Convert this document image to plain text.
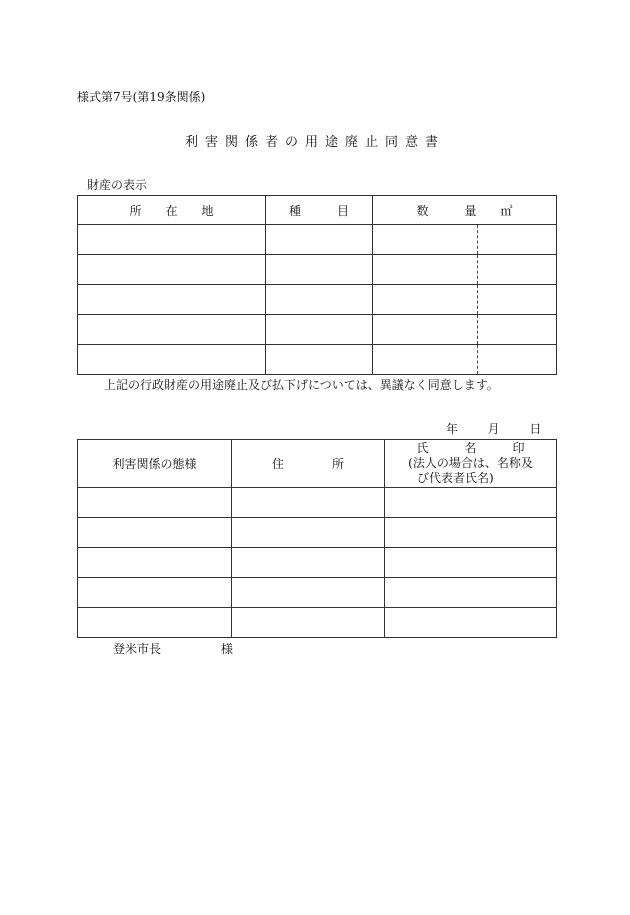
様式第7号(第19条関係)
利害関係者の用途廃止同意書
財産の表示
所　　在　　地	種　　　目	数　　　量　　㎡

上記の行政財産の用途廃止及び払下げについては、異議なく同意します。
年 月 日
利害関係の態様	住　　　　所	氏　　　名　　　印
(法人の場合は、名称及
び代表者氏名)

登米市長	様
